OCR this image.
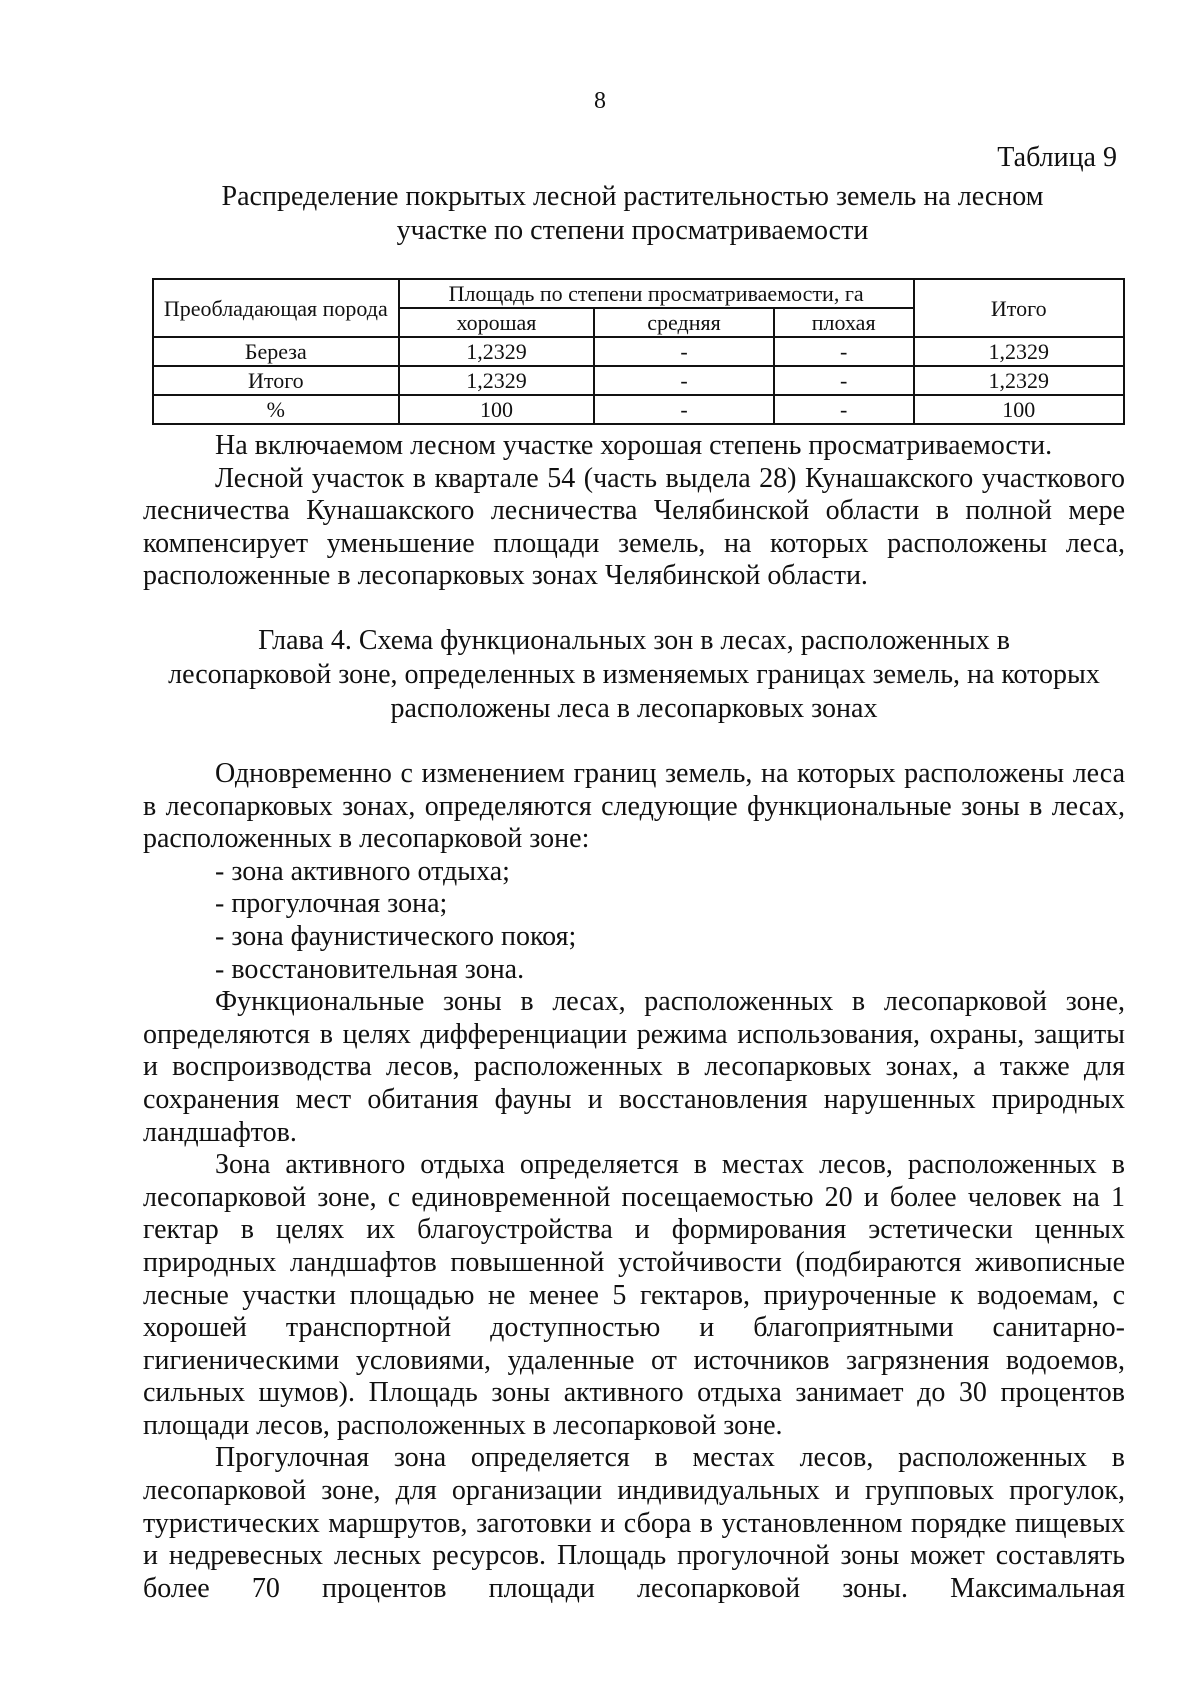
8
Таблица 9
Распределение покрытых лесной растительностью земель на лесном
участке по степени просматриваемости
Преобладающая порода	Площадь по степени просматриваемости, га			Итого
	хорошая	средняя	плохая	
Береза	1,2329	-	-	1,2329
Итого	1,2329	-	-	1,2329
%	100	-	-	100

На включаемом лесном участке хорошая степень просматриваемости.

Лесной участок в квартале 54 (часть выдела 28) Кунашакского участкового лесничества Кунашакского лесничества Челябинской области в полной мере компенсирует уменьшение площади земель, на которых расположены леса, расположенные в лесопарковых зонах Челябинской области.

Глава 4. Схема функциональных зон в лесах, расположенных в

лесопарковой зоне, определенных в изменяемых границах земель, на которых

расположены леса в лесопарковых зонах

Одновременно с изменением границ земель, на которых расположены леса в лесопарковых зонах, определяются следующие функциональные зоны в лесах, расположенных в лесопарковой зоне:

- зона активного отдыха;

- прогулочная зона;

- зона фаунистического покоя;

- восстановительная зона.

Функциональные зоны в лесах, расположенных в лесопарковой зоне, определяются в целях дифференциации режима использования, охраны, защиты и воспроизводства лесов, расположенных в лесопарковых зонах, а также для сохранения мест обитания фауны и восстановления нарушенных природных ландшафтов.

Зона активного отдыха определяется в местах лесов, расположенных в лесопарковой зоне, с единовременной посещаемостью 20 и более человек на 1 гектар в целях их благоустройства и формирования эстетически ценных природных ландшафтов повышенной устойчивости (подбираются живописные лесные участки площадью не менее 5 гектаров, приуроченные к водоемам, с хорошей транспортной доступностью и благоприятными санитарно-гигиеническими условиями, удаленные от источников загрязнения водоемов, сильных шумов). Площадь зоны активного отдыха занимает до 30 процентов площади лесов, расположенных в лесопарковой зоне.

Прогулочная зона определяется в местах лесов, расположенных в лесопарковой зоне, для организации индивидуальных и групповых прогулок, туристических маршрутов, заготовки и сбора в установленном порядке пищевых и недревесных лесных ресурсов. Площадь прогулочной зоны может составлять более 70 процентов площади лесопарковой зоны. Максимальная
